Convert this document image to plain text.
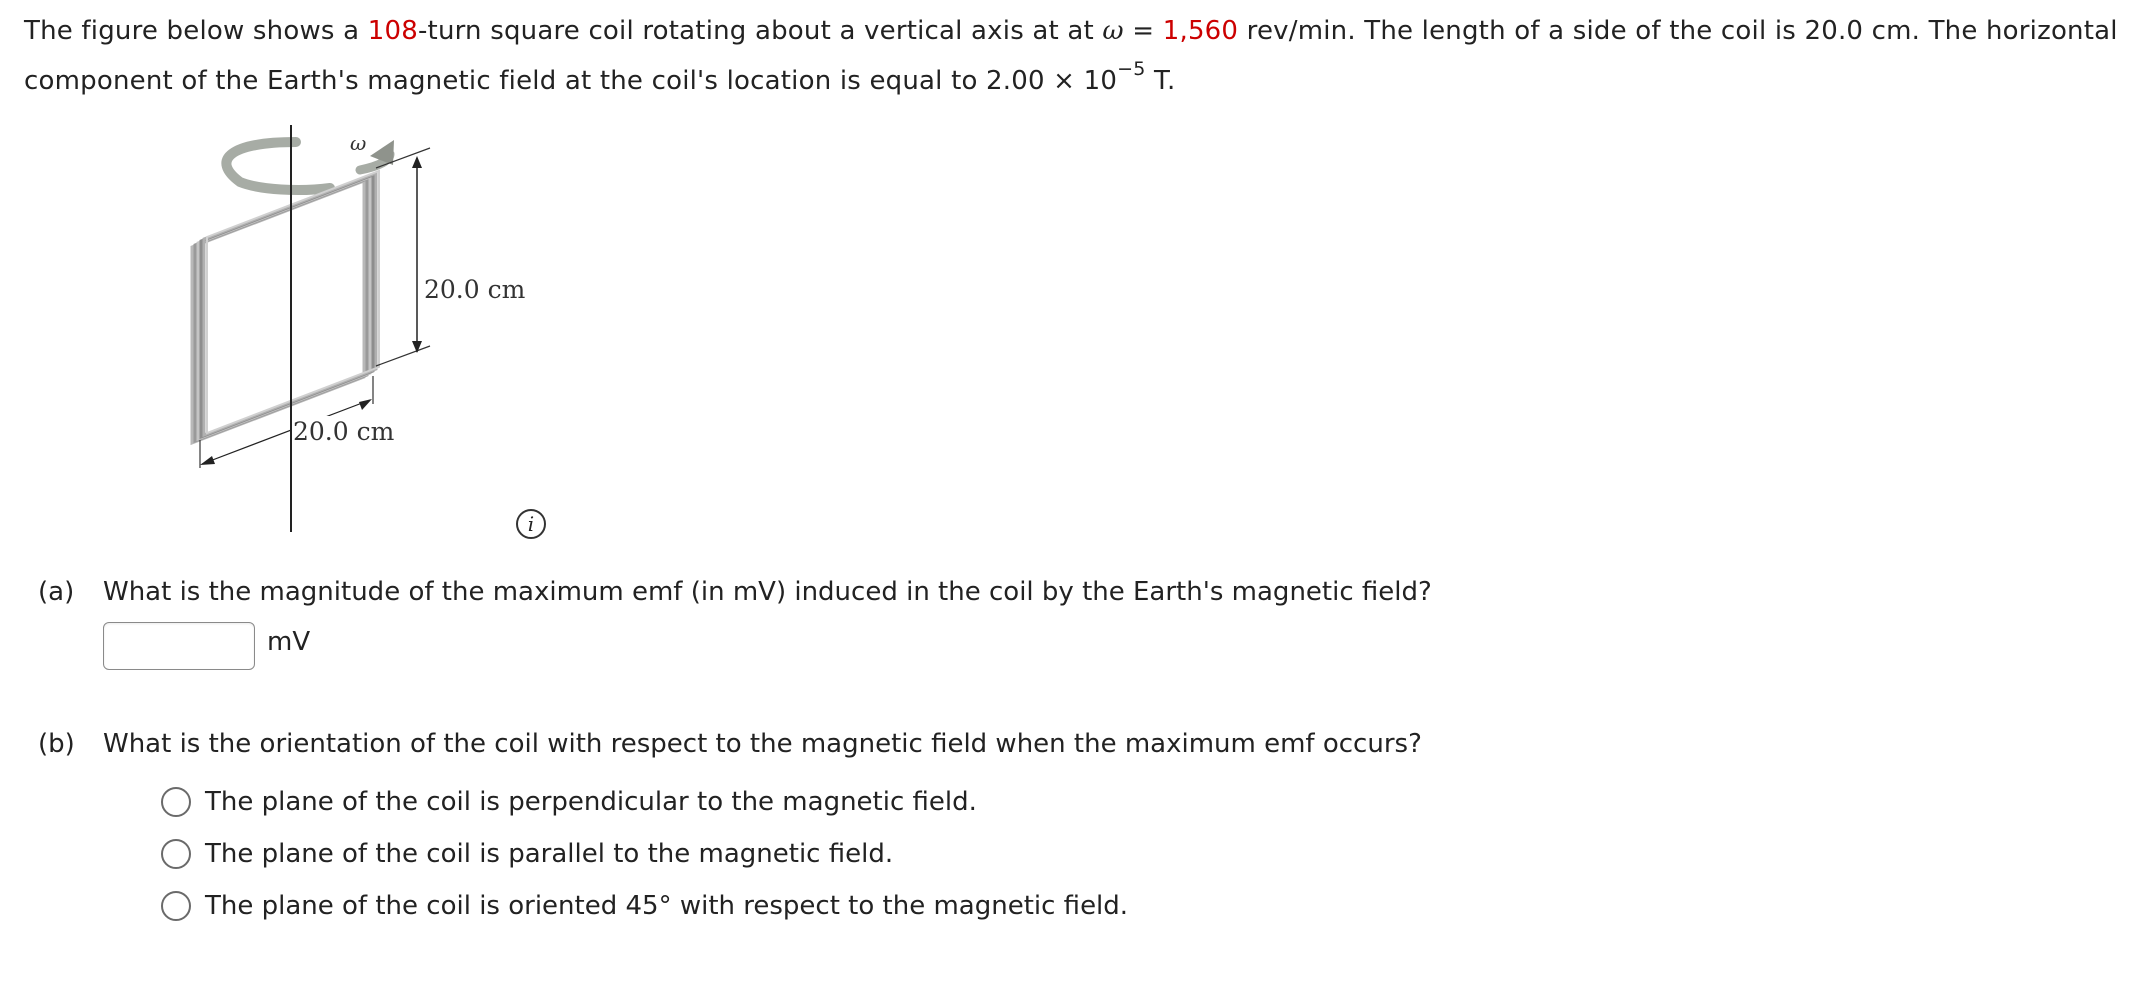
The figure below shows a 108-turn square coil rotating about a vertical axis at at ω = 1,560 rev/min. The length of a side of the coil is 20.0 cm. The horizontal component of the Earth's magnetic field at the coil's location is equal to $2.00 \times 10^{-5}$ T.
ω
20.0 cm
20.0 cm
i
(a) What is the magnitude of the maximum emf (in mV) induced in the coil by the Earth's magnetic field?
mV
(b) What is the orientation of the coil with respect to the magnetic field when the maximum emf occurs?
The plane of the coil is perpendicular to the magnetic field.
The plane of the coil is parallel to the magnetic field.
The plane of the coil is oriented 45° with respect to the magnetic field.
